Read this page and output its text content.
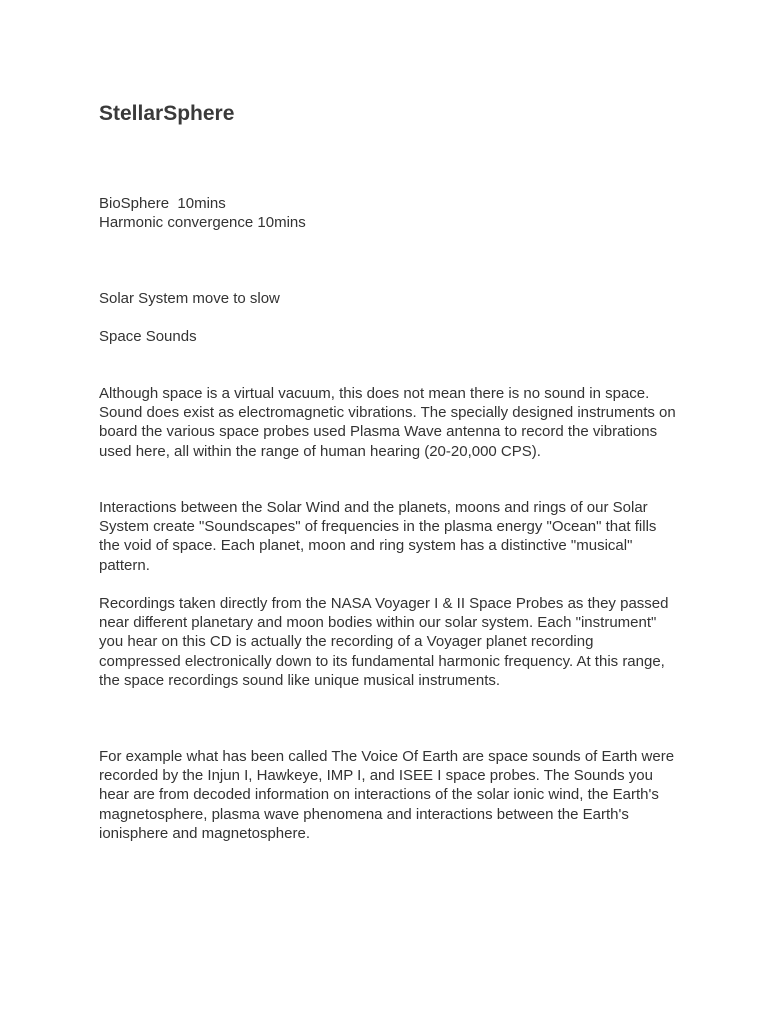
StellarSphere

BioSphere  10mins

Harmonic convergence 10mins

Solar System move to slow

Space Sounds

Although space is a virtual vacuum, this does not mean there is no sound in space. Sound does exist as electromagnetic vibrations. The specially designed instruments on board the various space probes used Plasma Wave antenna to record the vibrations used here, all within the range of human hearing (20-20,000 CPS).

Interactions between the Solar Wind and the planets, moons and rings of our Solar System create "Soundscapes" of frequencies in the plasma energy "Ocean" that fills the void of space. Each planet, moon and ring system has a distinctive "musical" pattern.

Recordings taken directly from the NASA Voyager I & II Space Probes as they passed near different planetary and moon bodies within our solar system. Each "instrument" you hear on this CD is actually the recording of a Voyager planet recording compressed electronically down to its fundamental harmonic frequency. At this range, the space recordings sound like unique musical instruments.

For example what has been called The Voice Of Earth are space sounds of Earth were recorded by the Injun I, Hawkeye, IMP I, and ISEE I space probes. The Sounds you hear are from decoded information on interactions of the solar ionic wind, the Earth's magnetosphere, plasma wave phenomena and interactions between the Earth's ionisphere and magnetosphere.
